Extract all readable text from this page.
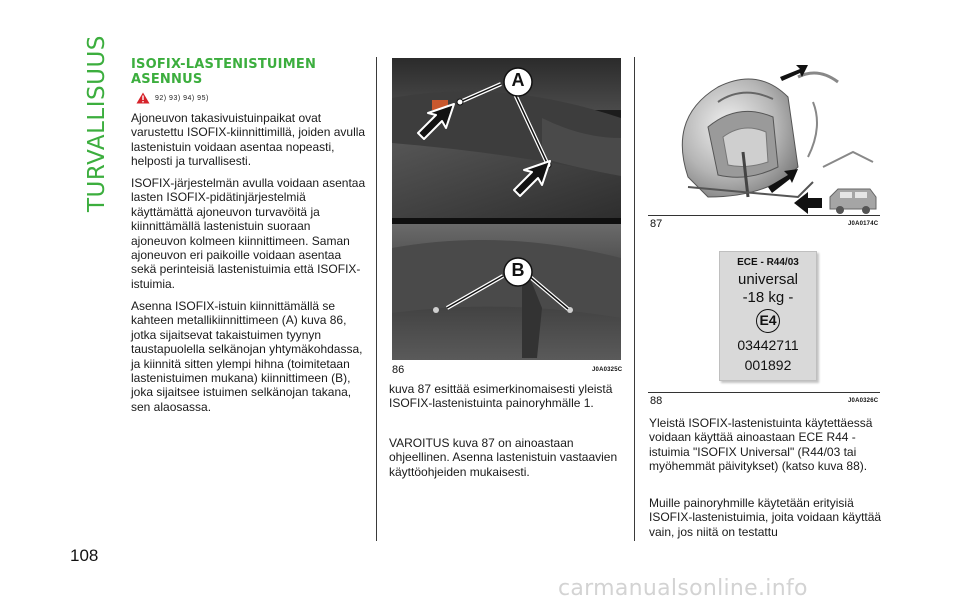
TURVALLISUUS
108
ISOFIX-LASTENISTUIMEN
ASENNUS
92) 93) 94) 95)

Ajoneuvon takasivuistuinpaikat ovat varustettu ISOFIX-kiinnittimillä, joiden avulla lastenistuin voidaan asentaa nopeasti, helposti ja turvallisesti.

ISOFIX-järjestelmän avulla voidaan asentaa lasten ISOFIX-pidätinjärjestelmiä käyttämättä ajoneuvon turvavöitä ja kiinnittämällä lastenistuin suoraan ajoneuvon kolmeen kiinnittimeen. Saman ajoneuvon eri paikoille voidaan asentaa sekä perinteisiä lastenistuimia että ISOFIX-istuimia.

Asenna ISOFIX-istuin kiinnittämällä se kahteen metallikiinnittimeen (A) kuva 86, jotka sijaitsevat takaistuimen tyynyn taustapuolella selkänojan yhtymäkohdassa, ja kiinnitä sitten ylempi hihna (toimitetaan lastenistuimen mukana) kiinnittimeen (B), joka sijaitsee istuimen selkänojan takana, sen alaosassa.

A
B
86	J0A0325C

kuva 87 esittää esimerkinomaisesti yleistä ISOFIX-lastenistuinta painoryhmälle 1.

VAROITUS kuva 87 on ainoastaan ohjeellinen. Asenna lastenistuin vastaavien käyttöohjeiden mukaisesti.

87	J0A0174C
ECE - R44/03
universal
-18 kg -
E4
03442711
001892
88	J0A0326C

Yleistä ISOFIX-lastenistuinta käytettäessä voidaan käyttää ainoastaan ECE R44 -istuimia "ISOFIX Universal" (R44/03 tai myöhemmät päivitykset) (katso kuva 88).

Muille painoryhmille käytetään erityisiä ISOFIX-lastenistuimia, joita voidaan käyttää vain, jos niitä on testattu

carmanualsonline.info
